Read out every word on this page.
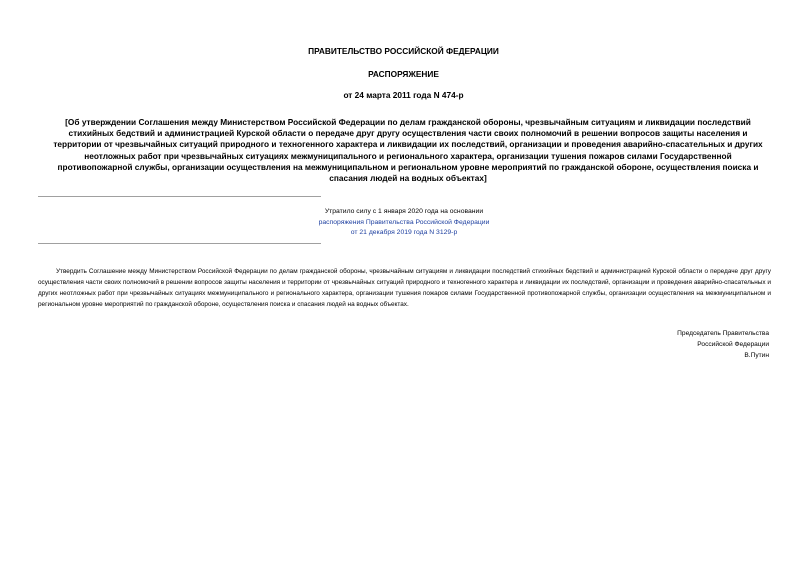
ПРАВИТЕЛЬСТВО РОССИЙСКОЙ ФЕДЕРАЦИИ
РАСПОРЯЖЕНИЕ
от 24 марта 2011 года N 474-р
[Об утверждении Соглашения между Министерством Российской Федерации по делам гражданской обороны, чрезвычайным ситуациям и ликвидации последствий стихийных бедствий и администрацией Курской области о передаче друг другу осуществления части своих полномочий в решении вопросов защиты населения и территории от чрезвычайных ситуаций природного и техногенного характера и ликвидации их последствий, организации и проведения аварийно-спасательных и других неотложных работ при чрезвычайных ситуациях межмуниципального и регионального характера, организации тушения пожаров силами Государственной противопожарной службы, организации осуществления на межмуниципальном и региональном уровне мероприятий по гражданской обороне, осуществления поиска и спасания людей на водных объектах]
Утратило силу с 1 января 2020 года на основании
распоряжения Правительства Российской Федерации
от 21 декабря 2019 года N 3129-р

Утвердить Соглашение между Министерством Российской Федерации по делам гражданской обороны, чрезвычайным ситуациям и ликвидации последствий стихийных бедствий и администрацией Курской области о передаче друг другу осуществления части своих полномочий в решении вопросов защиты населения и территории от чрезвычайных ситуаций природного и техногенного характера и ликвидации их последствий, организации и проведения аварийно-спасательных и других неотложных работ при чрезвычайных ситуациях межмуниципального и регионального характера, организации тушения пожаров силами Государственной противопожарной службы, организации осуществления на межмуниципальном и региональном уровне мероприятий по гражданской обороне, осуществления поиска и спасания людей на водных объектах.

Председатель Правительства
Российской Федерации
В.Путин
